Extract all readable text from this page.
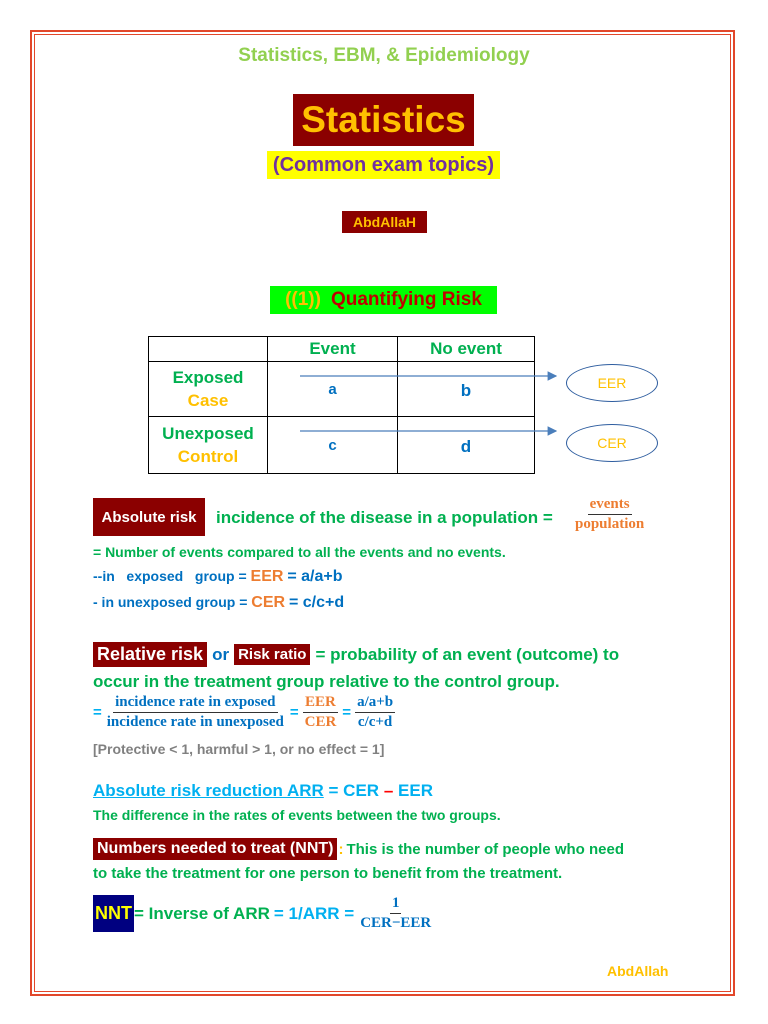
Statistics, EBM, & Epidemiology
Statistics
(Common exam topics)
AbdAllaH
((1)) Quantifying Risk
	Event	No event

Exposed
Case	a	b

Unexposed
Control	c	d
EER
CER
Absolute risk incidence of the disease in a population = $\frac{\text{events}}{\text{population}}$
= Number of events compared to all the events and no events.
--in   exposed   group = EER = a/a+b
- in unexposed group = CER = c/c+d
Relative risk or Risk ratio = probability of an event (outcome) to
occur in the treatment group relative to the control group.
= $\frac{\text{incidence rate in exposed}}{\text{incidence rate in unexposed}} = \frac{\text{EER}}{\text{CER}} = \frac{a/a+b}{c/c+d}$
[Protective < 1, harmful > 1, or no effect = 1]
Absolute risk reduction ARR = CER – EER
The difference in the rates of events between the two groups.
Numbers needed to treat (NNT) : This is the number of people who need
to take the treatment for one person to benefit from the treatment.
NNT = Inverse of ARR = $1/ARR = \frac{1}{\text{CER−EER}}$
AbdAllah
